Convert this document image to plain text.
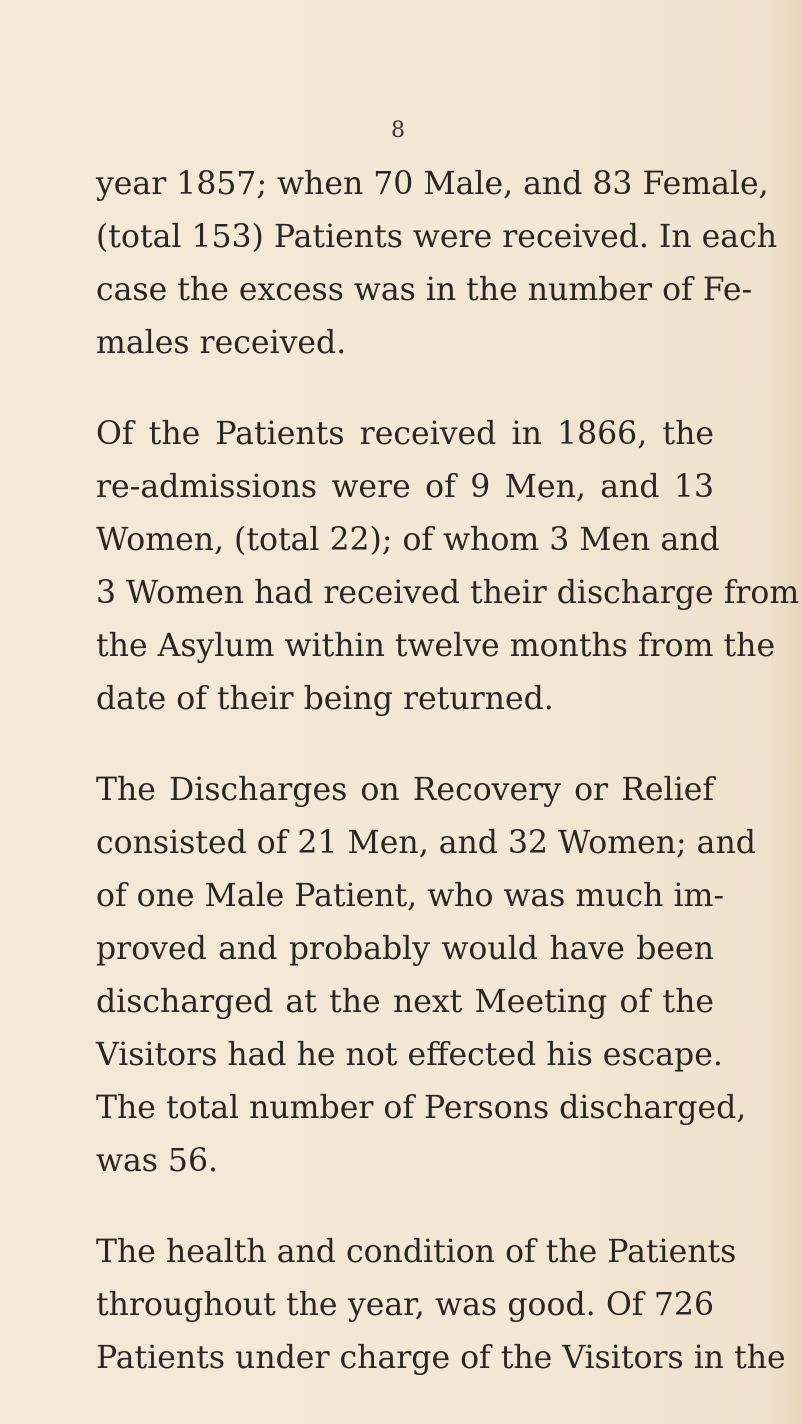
8
year 1857; when 70 Male, and 83 Female,
(total 153) Patients were received. In each
case the excess was in the number of Fe-
males received.
Of the Patients received in 1866, the
re-admissions were of 9 Men, and 13
Women, (total 22); of whom 3 Men and
3 Women had received their discharge from
the Asylum within twelve months from the
date of their being returned.
The Discharges on Recovery or Relief
consisted of 21 Men, and 32 Women; and
of one Male Patient, who was much im-
proved and probably would have been
discharged at the next Meeting of the
Visitors had he not effected his escape.
The total number of Persons discharged,
was 56.
The health and condition of the Patients
throughout the year, was good. Of 726
Patients under charge of the Visitors in the
